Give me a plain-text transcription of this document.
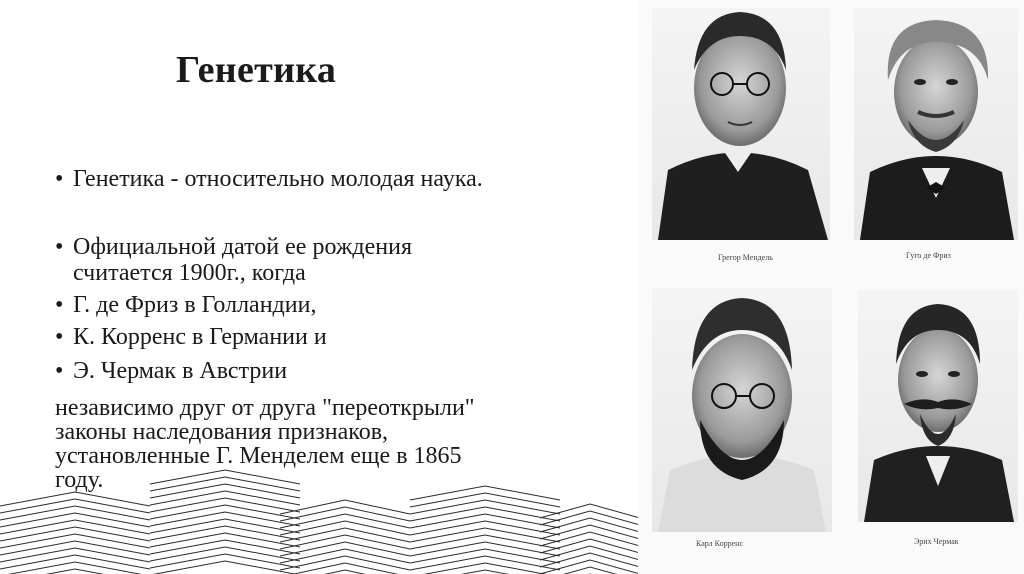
Генетика
• Генетика - относительно молодая наука.
• Официальной датой ее рождения
считается 1900г., когда
• Г. де Фриз в Голландии,
• К. Корренс в Германии и
• Э. Чермак в Австрии
независимо друг от друга "переоткрыли"
законы наследования признаков,
установленные Г. Менделем еще в 1865
году.
Грегор Мендель	Гуго де Фриз
Карл Корренс	Эрих Чермак
